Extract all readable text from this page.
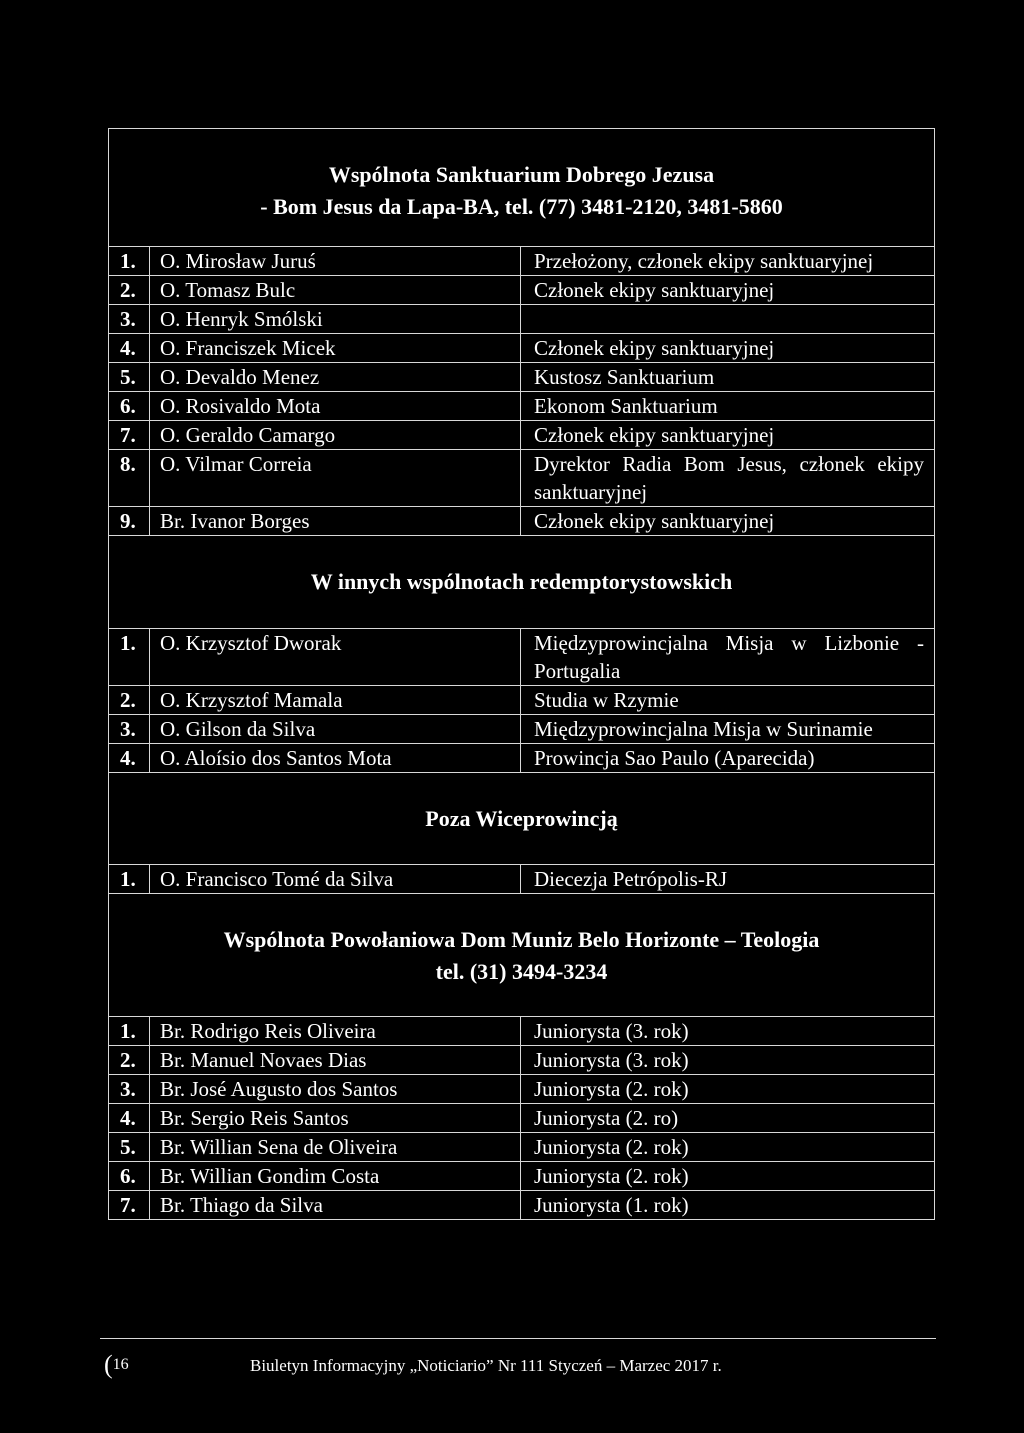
Wspólnota Sanktuarium Dobrego Jezusa
- Bom Jesus da Lapa-BA, tel. (77) 3481-2120, 3481-5860		

1.	O. Mirosław Juruś	Przełożony, członek ekipy sanktuaryjnej
2.	O. Tomasz Bulc	Członek ekipy sanktuaryjnej
3.	O. Henryk Smólski	
4.	O. Franciszek Micek	Członek ekipy sanktuaryjnej
5.	O. Devaldo Menez	Kustosz Sanktuarium
6.	O. Rosivaldo Mota	Ekonom Sanktuarium
7.	O. Geraldo Camargo	Członek ekipy sanktuaryjnej
8.	O. Vilmar Correia	Dyrektor Radia Bom Jesus, członek ekipy sanktuaryjnej
9.	Br. Ivanor Borges	Członek ekipy sanktuaryjnej

W innych wspólnotach redemptorystowskich		

1.	O. Krzysztof Dworak	Międzyprowincjalna Misja w Lizbonie - Portugalia
2.	O. Krzysztof Mamala	Studia w Rzymie
3.	O. Gilson da Silva	Międzyprowincjalna Misja w Surinamie
4.	O. Aloísio dos Santos Mota	Prowincja Sao Paulo (Aparecida)

Poza Wiceprowincją		

1.	O. Francisco Tomé da Silva	Diecezja Petrópolis-RJ

Wspólnota Powołaniowa Dom Muniz Belo Horizonte – Teologia
tel. (31) 3494-3234		

1.	Br. Rodrigo Reis Oliveira	Juniorysta (3. rok)
2.	Br. Manuel Novaes Dias	Juniorysta (3. rok)
3.	Br. José Augusto dos Santos	Juniorysta (2. rok)
4.	Br. Sergio Reis Santos	Juniorysta (2. ro)
5.	Br. Willian Sena de Oliveira	Juniorysta (2. rok)
6.	Br. Willian Gondim Costa	Juniorysta (2. rok)
7.	Br. Thiago da Silva	Juniorysta (1. rok)
(16	Biuletyn Informacyjny „Noticiario” Nr 111 Styczeń – Marzec 2017 r.
